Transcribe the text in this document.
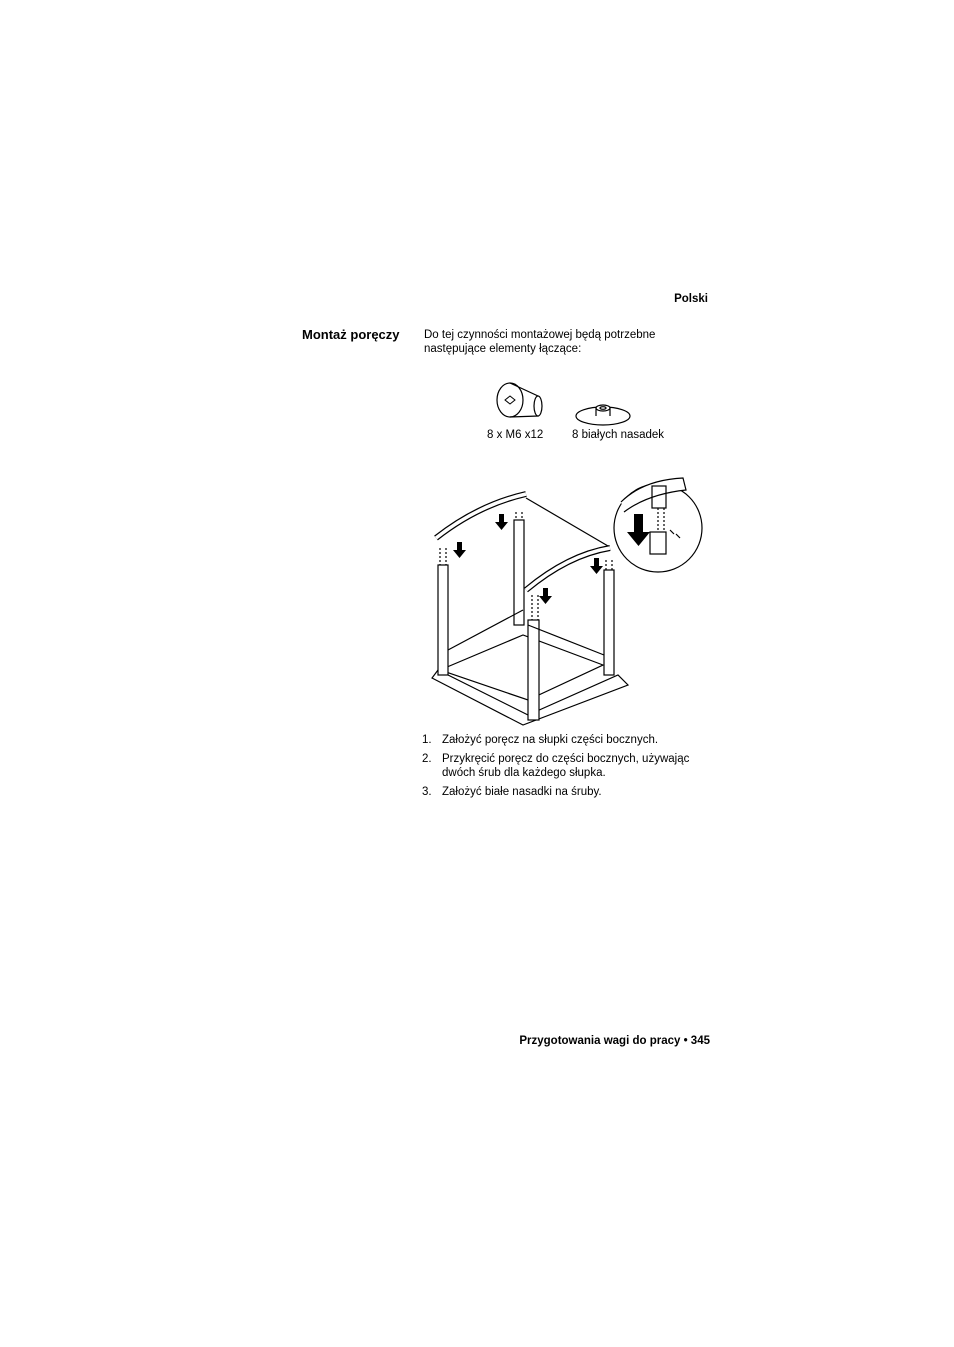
Polski
Montaż poręczy Do tej czynności montażowej będą potrzebne następujące elementy łączące:
8 x M6 x12	8 białych nasadek
1. Założyć poręcz na słupki części bocznych.
2. Przykręcić poręcz do części bocznych, używając dwóch śrub dla każdego słupka.
3. Założyć białe nasadki na śruby.
Przygotowania wagi do pracy • 345
